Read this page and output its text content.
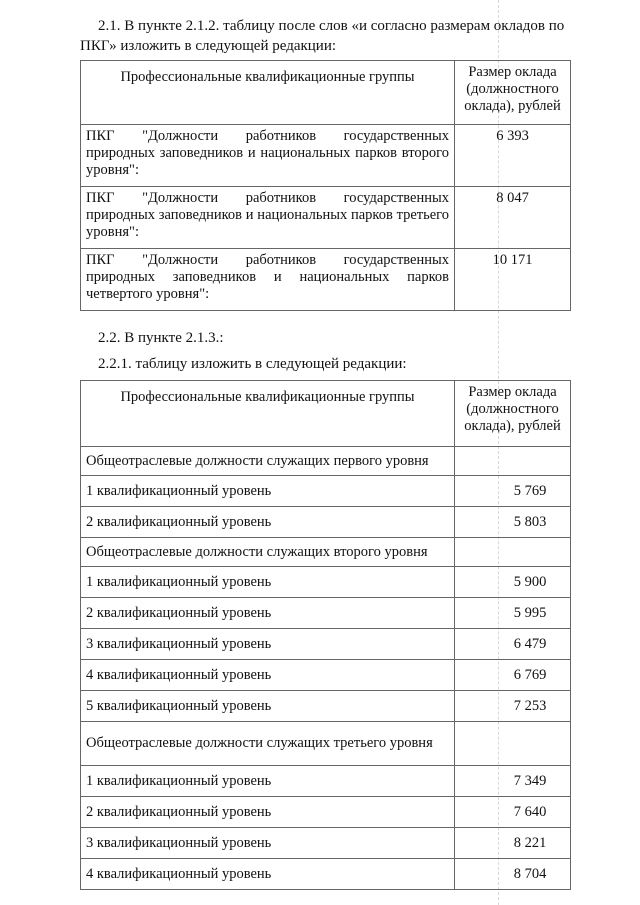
2.1. В пункте 2.1.2. таблицу после слов «и согласно размерам окладов по ПКГ» изложить в следующей редакции:

Профессиональные квалификационные группы	Размер оклада (должностного оклада), рублей
ПКГ "Должности работников государственных природных заповедников и национальных парков второго уровня":	6 393
ПКГ "Должности работников государственных природных заповедников и национальных парков третьего уровня":	8 047
ПКГ "Должности работников государственных природных заповедников и национальных парков четвертого уровня":	10 171

2.2. В пункте 2.1.3.:

2.2.1. таблицу изложить в следующей редакции:

Профессиональные квалификационные группы	Размер оклада (должностного оклада), рублей
Общеотраслевые должности служащих первого уровня	
1 квалификационный уровень	5 769
2 квалификационный уровень	5 803
Общеотраслевые должности служащих второго уровня	
1 квалификационный уровень	5 900
2 квалификационный уровень	5 995
3 квалификационный уровень	6 479
4 квалификационный уровень	6 769
5 квалификационный уровень	7 253

Общеотраслевые должности служащих третьего уровня	

1 квалификационный уровень	7 349
2 квалификационный уровень	7 640
3 квалификационный уровень	8 221
4 квалификационный уровень	8 704
